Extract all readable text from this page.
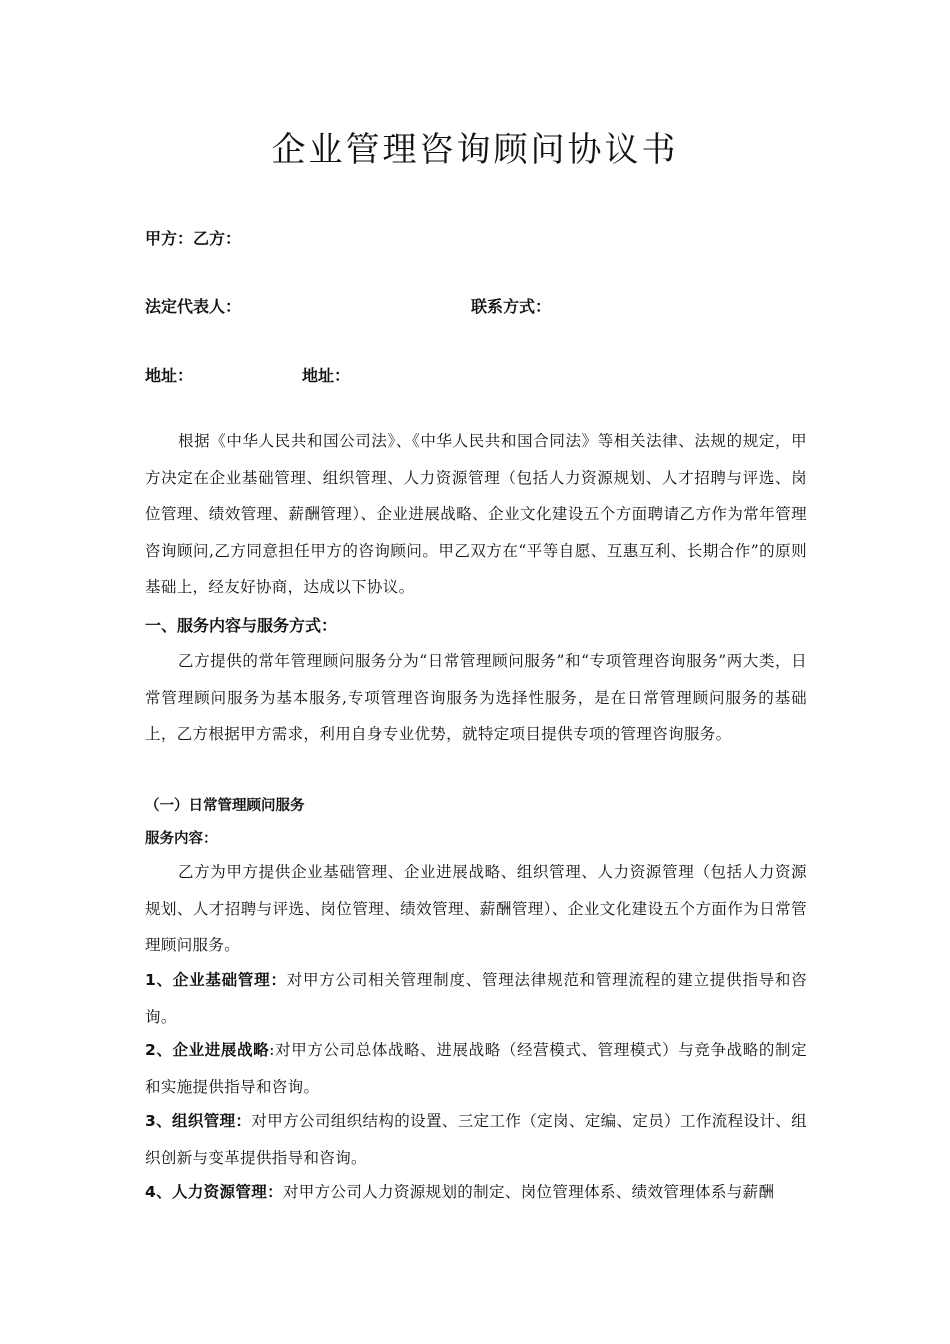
企业管理咨询顾问协议书
甲方：乙方：
法定代表人：	联系方式：
地址：	地址：

根据《中华人民共和国公司法》、《中华人民共和国合同法》等相关法律、法规的规定，甲方决定在企业基础管理、组织管理、人力资源管理（包括人力资源规划、人才招聘与评选、岗位管理、绩效管理、薪酬管理）、企业进展战略、企业文化建设五个方面聘请乙方作为常年管理咨询顾问,乙方同意担任甲方的咨询顾问。甲乙双方在“平等自愿、互惠互利、长期合作”的原则基础上，经友好协商，达成以下协议。

一、服务内容与服务方式：

乙方提供的常年管理顾问服务分为“日常管理顾问服务”和“专项管理咨询服务”两大类，日常管理顾问服务为基本服务,专项管理咨询服务为选择性服务，是在日常管理顾问服务的基础上，乙方根据甲方需求，利用自身专业优势，就特定项目提供专项的管理咨询服务。

（一）日常管理顾问服务
服务内容：

乙方为甲方提供企业基础管理、企业进展战略、组织管理、人力资源管理（包括人力资源规划、人才招聘与评选、岗位管理、绩效管理、薪酬管理）、企业文化建设五个方面作为日常管理顾问服务。

1、企业基础管理：对甲方公司相关管理制度、管理法律规范和管理流程的建立提供指导和咨询。

2、企业进展战略:对甲方公司总体战略、进展战略（经营模式、管理模式）与竞争战略的制定和实施提供指导和咨询。

3、组织管理：对甲方公司组织结构的设置、三定工作（定岗、定编、定员）工作流程设计、组织创新与变革提供指导和咨询。

4、人力资源管理：对甲方公司人力资源规划的制定、岗位管理体系、绩效管理体系与薪酬
